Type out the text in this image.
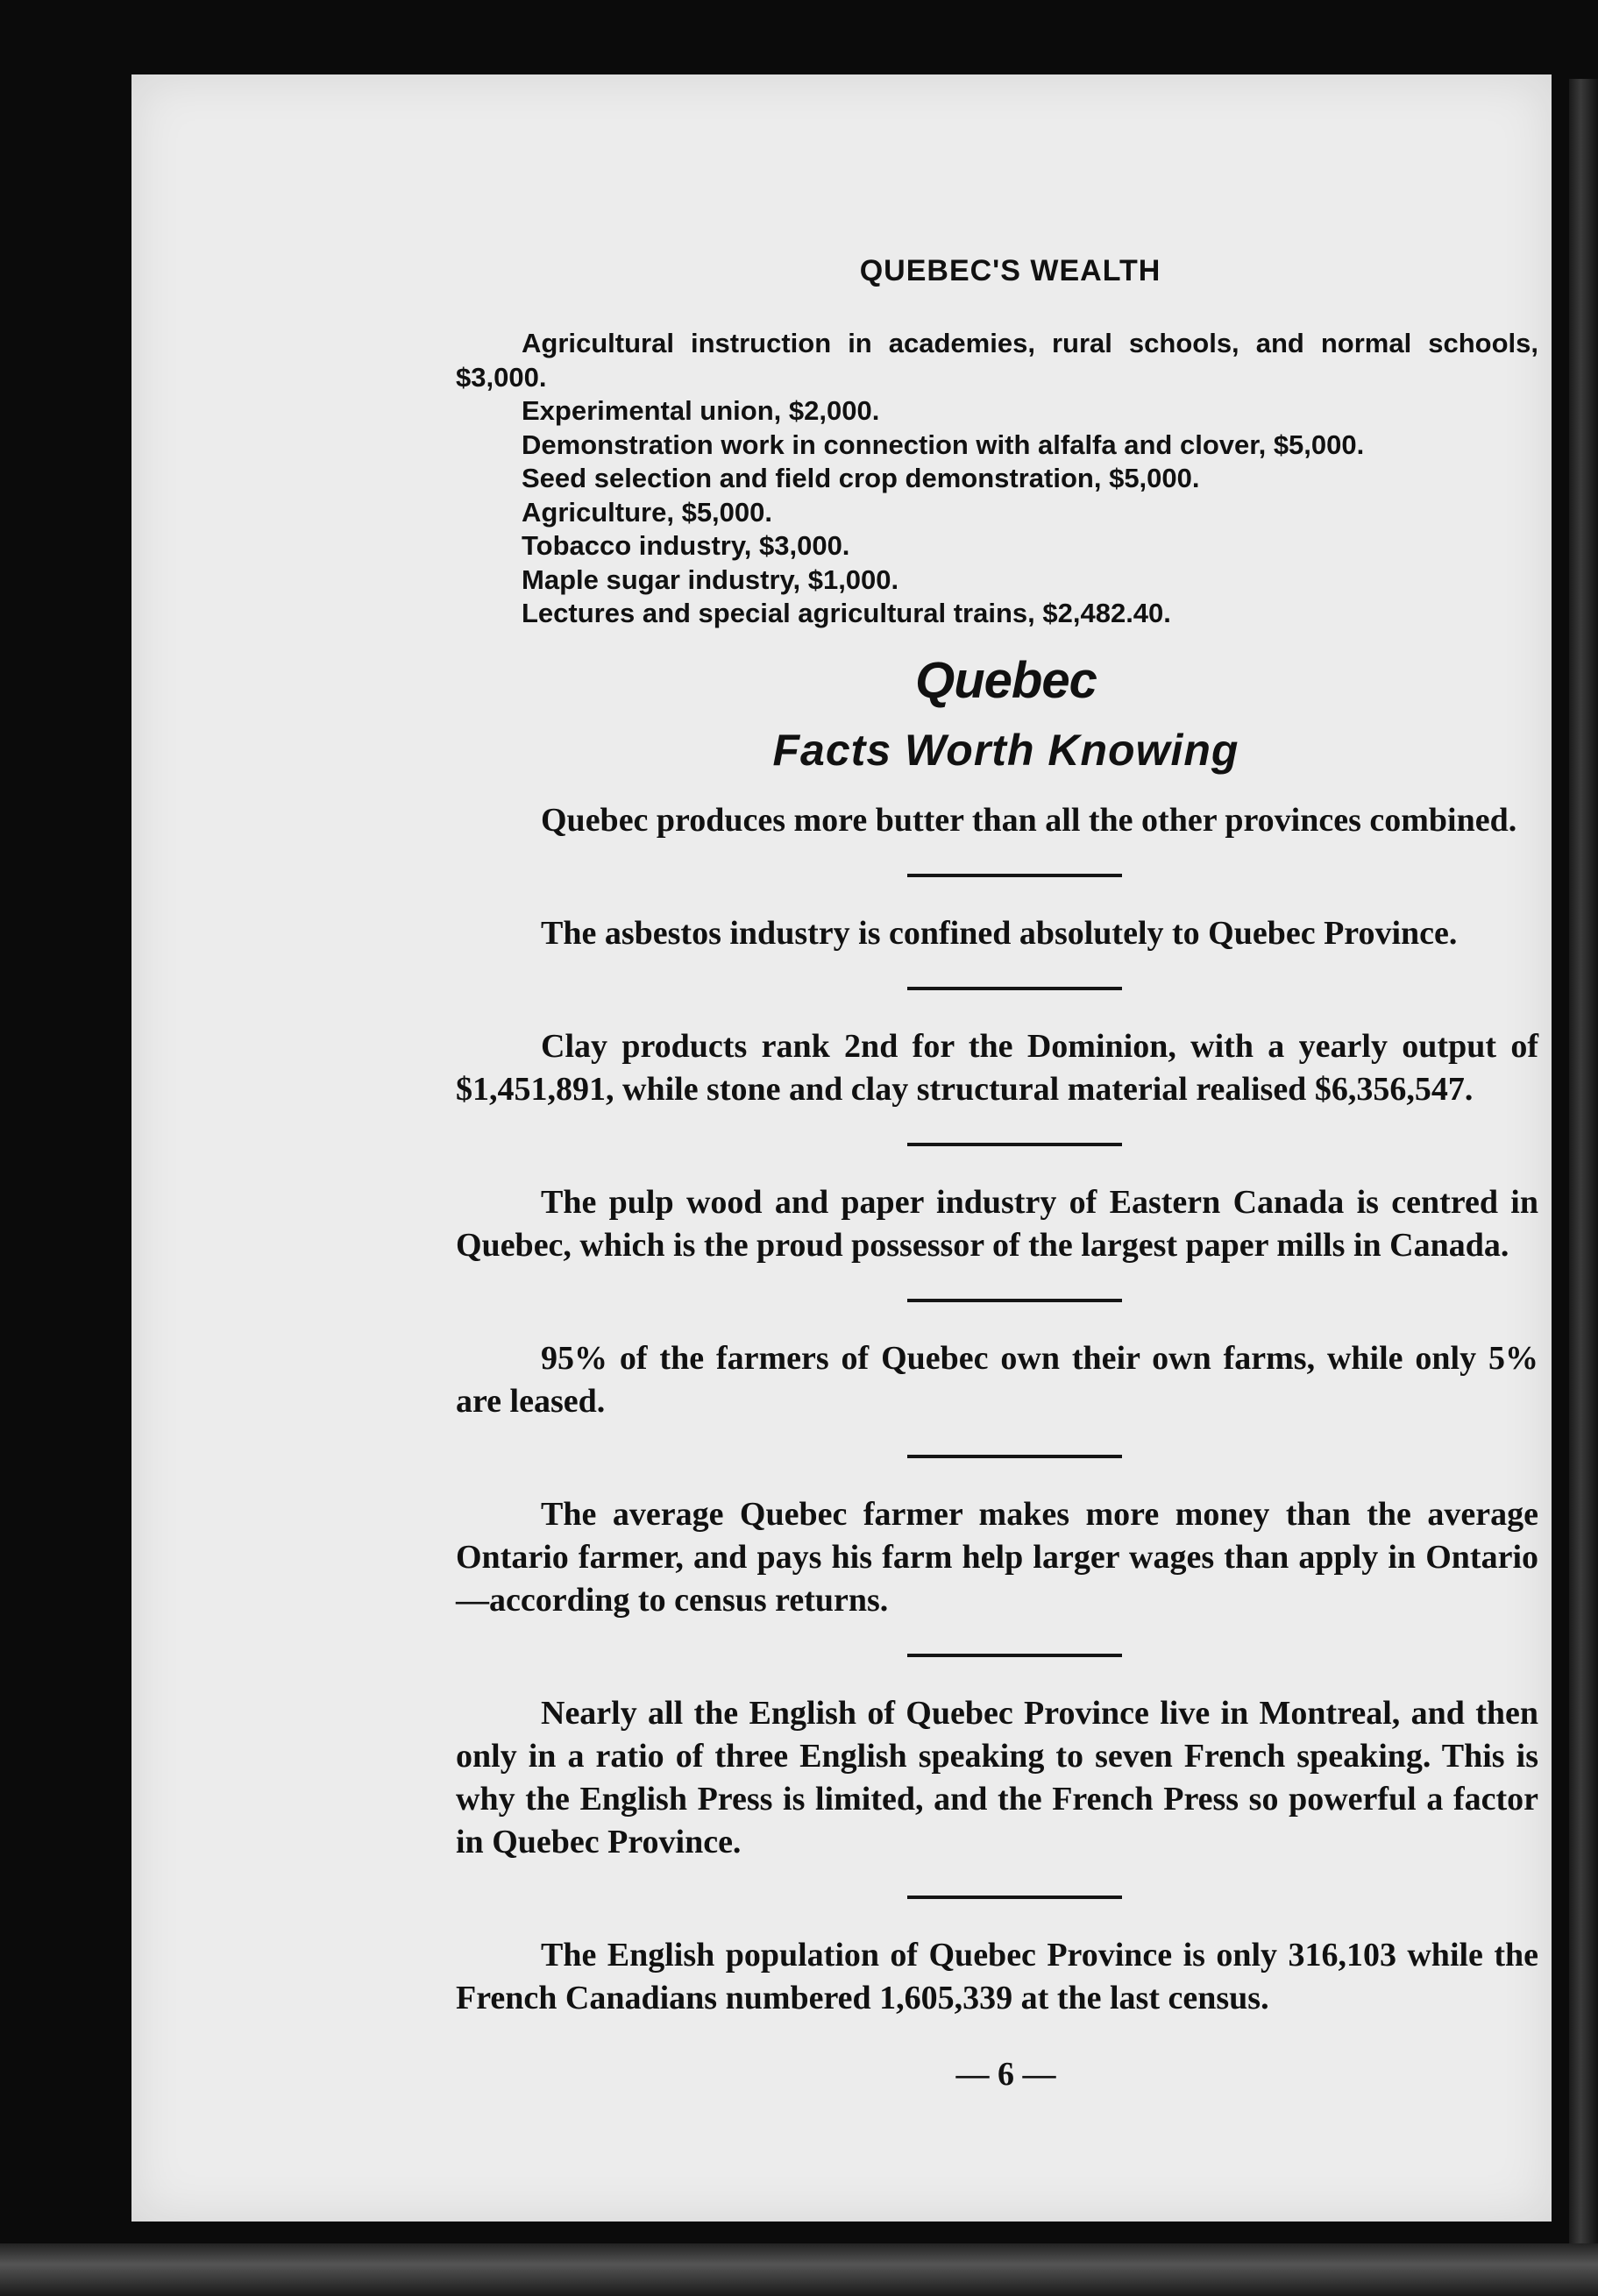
QUEBEC'S WEALTH

Agricultural instruction in academies, rural schools, and normal schools, $3,000.

Experimental union, $2,000.

Demonstration work in connection with alfalfa and clover, $5,000.

Seed selection and field crop demonstration, $5,000.

Agriculture, $5,000.

Tobacco industry, $3,000.

Maple sugar industry, $1,000.

Lectures and special agricultural trains, $2,482.40.

Quebec
Facts Worth Knowing

Quebec produces more butter than all the other provinces combined.

The asbestos industry is confined absolutely to Quebec Province.

Clay products rank 2nd for the Dominion, with a yearly output of $1,451,891, while stone and clay structural material realised $6,356,547.

The pulp wood and paper industry of Eastern Canada is centred in Quebec, which is the proud possessor of the largest paper mills in Canada.

95% of the farmers of Quebec own their own farms, while only 5% are leased.

The average Quebec farmer makes more money than the average Ontario farmer, and pays his farm help larger wages than apply in Ontario—according to census returns.

Nearly all the English of Quebec Province live in Montreal, and then only in a ratio of three English speaking to seven French speaking. This is why the English Press is limited, and the French Press so powerful a factor in Quebec Province.

The English population of Quebec Province is only 316,103 while the French Canadians numbered 1,605,339 at the last census.

— 6 —
